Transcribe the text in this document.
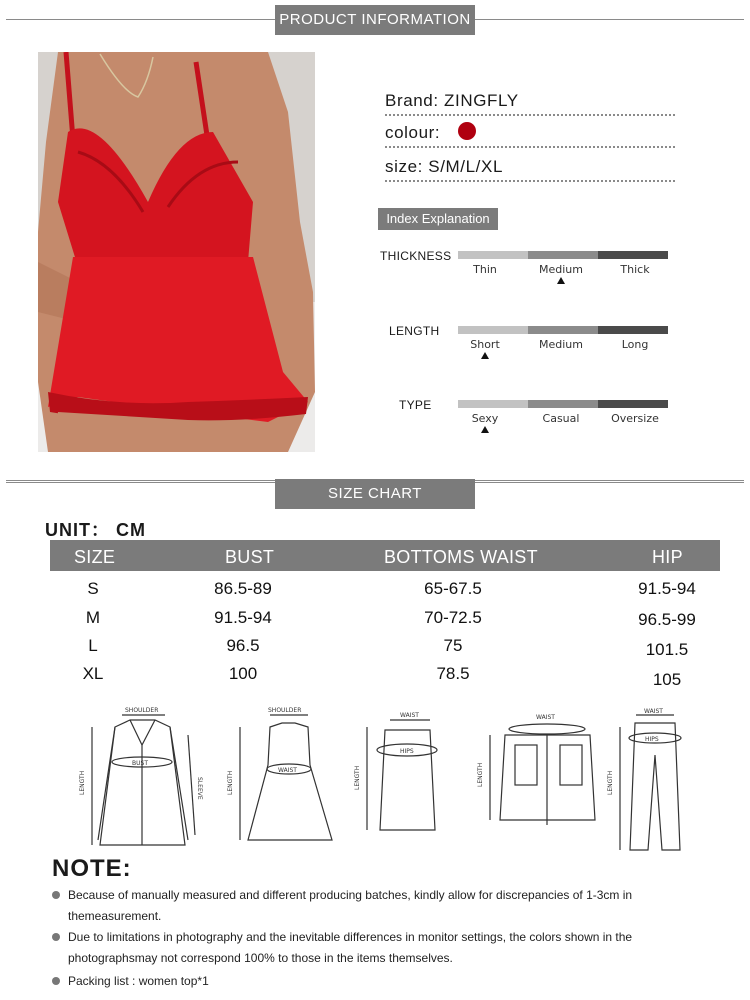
PRODUCT INFORMATION
Brand: ZINGFLY
colour:
size: S/M/L/XL
Index Explanation
THICKNESS
Thin	Medium	Thick
LENGTH
Short	Medium	Long
TYPE
Sexy	Casual	Oversize
SIZE CHART
UNIT： CM
SIZE	BUST	BOTTOMS WAIST	HIP
S	86.5-89	65-67.5	91.5-94
M	91.5-94	70-72.5	96.5-99
L	96.5	75	101.5
XL	100	78.5	105
SHOULDER
BUST
LENGTH	SLEEVE
SHOULDER
WAIST
LENGTH
WAIST
HIPS
LENGTH
WAIST
LENGTH
WAIST
HIPS
LENGTH
NOTE:
Because of manually measured and different producing batches, kindly allow for discrepancies of 1-3cm in themeasurement.
Due to limitations in photography and the inevitable differences in monitor settings, the colors shown in the photographsmay not correspond 100% to those in the items themselves.
Packing list : women top*1
